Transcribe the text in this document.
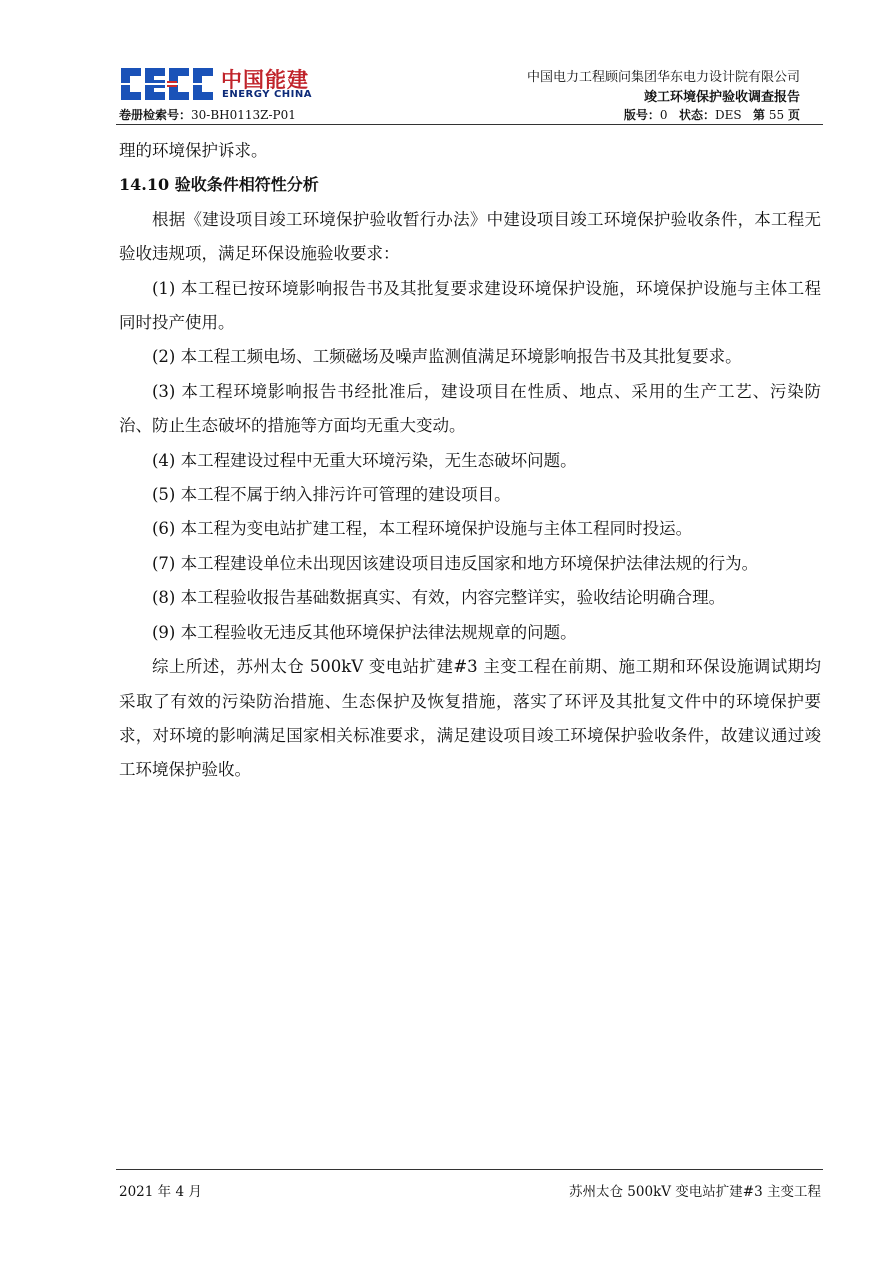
中国能建
ENERGY CHINA
中国电力工程顾问集团华东电力设计院有限公司
竣工环境保护验收调查报告
卷册检索号：30-BH0113Z-P01	版号：0 状态：DES 第 55 页

理的环境保护诉求。

14.10 验收条件相符性分析

根据《建设项目竣工环境保护验收暂行办法》中建设项目竣工环境保护验收条件，本工程无验收违规项，满足环保设施验收要求：

(1) 本工程已按环境影响报告书及其批复要求建设环境保护设施，环境保护设施与主体工程同时投产使用。

(2) 本工程工频电场、工频磁场及噪声监测值满足环境影响报告书及其批复要求。

(3) 本工程环境影响报告书经批准后，建设项目在性质、地点、采用的生产工艺、污染防治、防止生态破坏的措施等方面均无重大变动。

(4) 本工程建设过程中无重大环境污染，无生态破坏问题。

(5) 本工程不属于纳入排污许可管理的建设项目。

(6) 本工程为变电站扩建工程，本工程环境保护设施与主体工程同时投运。

(7) 本工程建设单位未出现因该建设项目违反国家和地方环境保护法律法规的行为。

(8) 本工程验收报告基础数据真实、有效，内容完整详实，验收结论明确合理。

(9) 本工程验收无违反其他环境保护法律法规规章的问题。

综上所述，苏州太仓 500kV 变电站扩建#3 主变工程在前期、施工期和环保设施调试期均采取了有效的污染防治措施、生态保护及恢复措施，落实了环评及其批复文件中的环境保护要求，对环境的影响满足国家相关标准要求，满足建设项目竣工环境保护验收条件，故建议通过竣工环境保护验收。

2021 年 4 月	苏州太仓 500kV 变电站扩建#3 主变工程
